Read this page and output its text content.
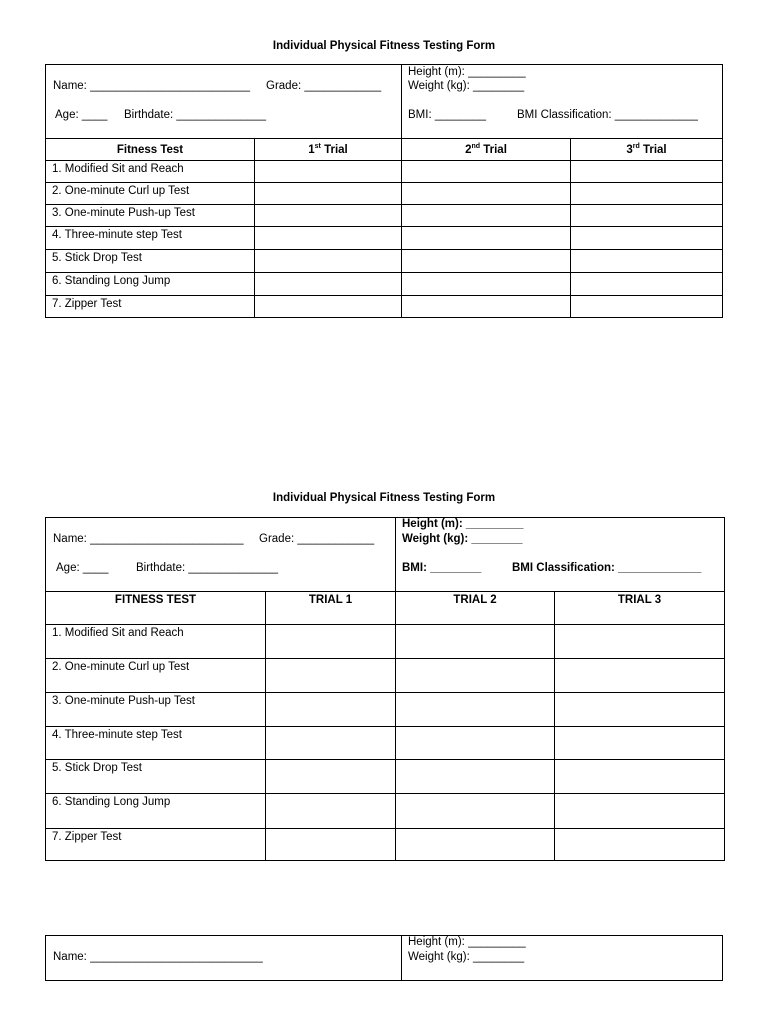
Individual Physical Fitness Testing Form
Name: _________________________ Grade: ____________
Age: ____ Birthdate: ______________		Height (m): _________
Weight (kg): ________
BMI: ________ BMI Classification: _____________	

Fitness Test	1st Trial	2nd Trial	3rd Trial
1. Modified Sit and Reach			
2. One-minute Curl up Test			
3. One-minute Push-up Test			
4. Three-minute step Test			
5. Stick Drop Test			
6. Standing Long Jump			
7. Zipper Test			
Individual Physical Fitness Testing Form
Name: ________________________ Grade: ____________
Age: ____ Birthdate: ______________		Height (m): _________
Weight (kg): ________
BMI: ________ BMI Classification: _____________	

FITNESS TEST	TRIAL 1	TRIAL 2	TRIAL 3
1. Modified Sit and Reach			
2. One-minute Curl up Test			
3. One-minute Push-up Test			
4. Three-minute step Test			
5. Stick Drop Test			
6. Standing Long Jump			
7. Zipper Test			
Name: ___________________________

Height (m): _________
Weight (kg): ________
